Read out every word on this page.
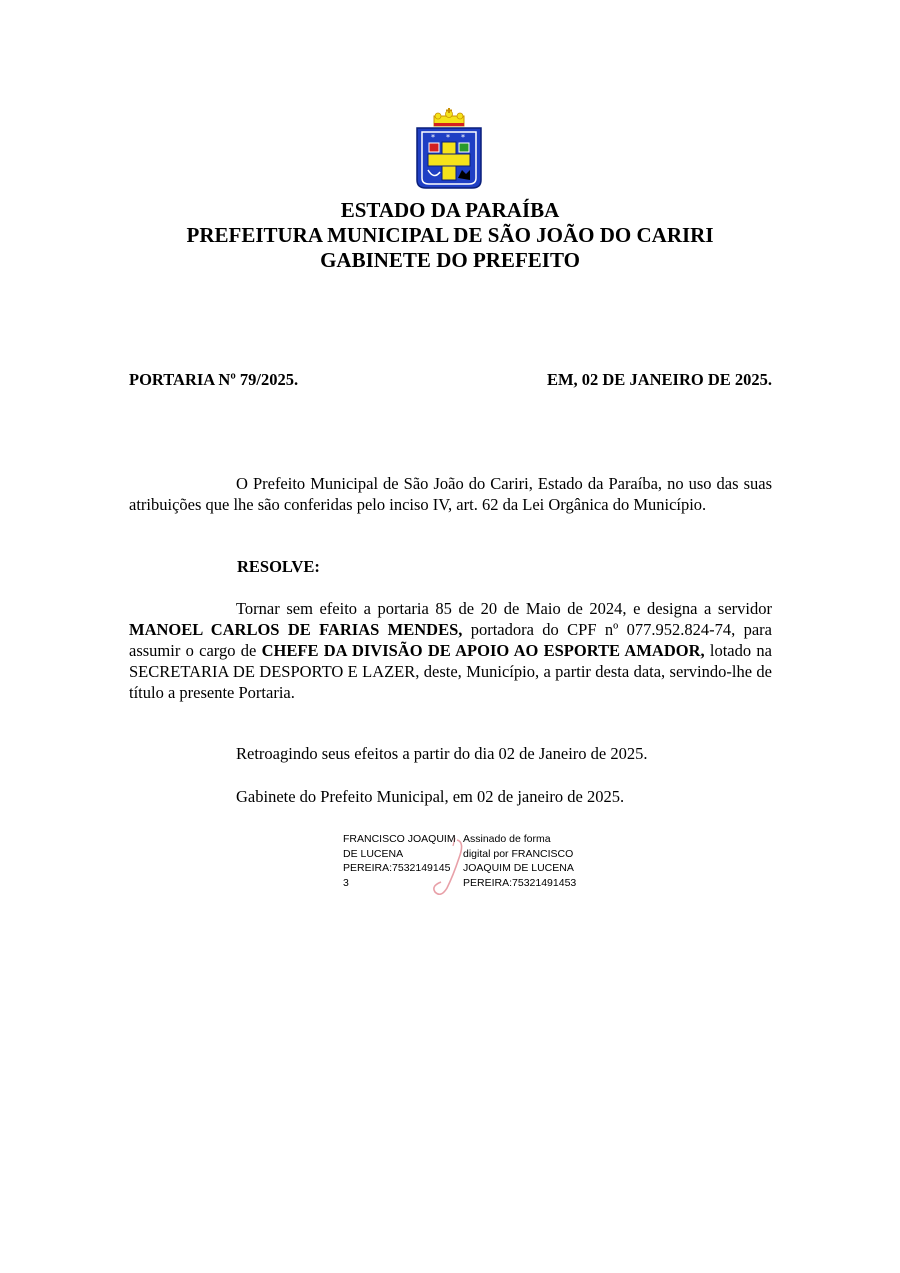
* * *
ESTADO DA PARAÍBA
PREFEITURA MUNICIPAL DE SÃO JOÃO DO CARIRI
GABINETE DO PREFEITO
PORTARIA Nº 79/2025.	EM, 02 DE JANEIRO DE 2025.
O Prefeito Municipal de São João do Cariri, Estado da Paraíba, no uso das suas atribuições que lhe são conferidas pelo inciso IV, art. 62 da Lei Orgânica do Município.
RESOLVE:
Tornar sem efeito a portaria 85 de 20 de Maio de 2024, e designa a servidor MANOEL CARLOS DE FARIAS MENDES, portadora do CPF nº 077.952.824-74, para assumir o cargo de CHEFE DA DIVISÃO DE APOIO AO ESPORTE AMADOR, lotado na SECRETARIA DE DESPORTO E LAZER, deste, Município, a partir desta data, servindo-lhe de título a presente Portaria.
Retroagindo seus efeitos a partir do dia 02 de Janeiro de 2025.
Gabinete do Prefeito Municipal, em 02 de janeiro de 2025.
FRANCISCO JOAQUIM
DE LUCENA
PEREIRA:7532149145
3
Assinado de forma
digital por FRANCISCO
JOAQUIM DE LUCENA
PEREIRA:75321491453
